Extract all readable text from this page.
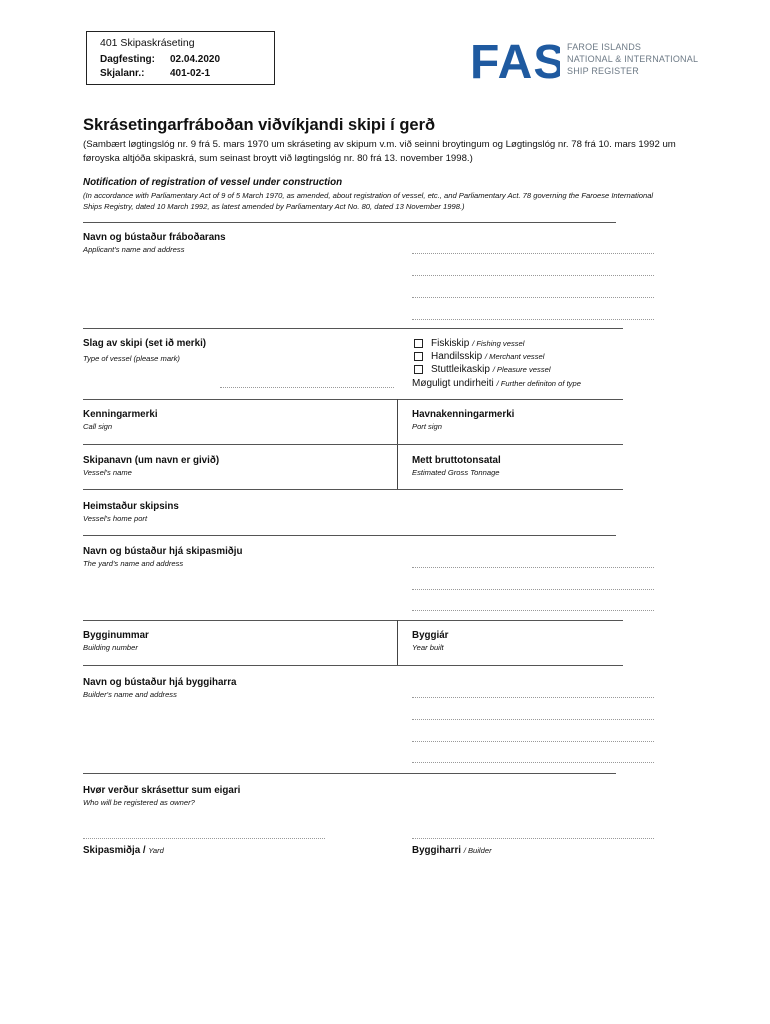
401 Skipaskráseting
Dagfesting: 02.04.2020
Skjalanr.:	401-02-1	FAS FAROE ISLANDS
NATIONAL & INTERNATIONAL
SHIP REGISTER
Skrásetingarfráboðan viðvíkjandi skipi í gerð
(Sambært løgtingslóg nr. 9 frá 5. mars 1970 um skráseting av skipum v.m. við seinni broytingum og Løgtingslóg nr. 78 frá 10. mars 1992 um føroyska altjóða skipaskrá, sum seinast broytt við løgtingslóg nr. 80 frá 13. november 1998.)
Notification of registration of vessel under construction
(In accordance with Parliamentary Act of 9 of 5 March 1970, as amended, about registration of vessel, etc., and Parliamentary Act. 78 governing the Faroese International Ships Registry, dated 10 March 1992, as latest amended by Parliamentary Act No. 80, dated 13 November 1998.)
Navn og bústaður fráboðarans
Applicant's name and address
Slag av skipi (set ið merki)
Type of vessel (please mark)
Fiskiskip / Fishing vessel
Handilsskip / Merchant vessel
Stuttleikaskip / Pleasure vessel
Møguligt undirheiti / Further definiton of type
Kenningarmerki
Call sign
Havnakenningarmerki
Port sign
Skipanavn (um navn er givið)
Vessel's name
Mett bruttotonsatal
Estimated Gross Tonnage
Heimstaður skipsins
Vessel's home port
Navn og bústaður hjá skipasmiðju
The yard's name and address
Bygginummar
Building number
Byggiár
Year built
Navn og bústaður hjá byggiharra
Builder's name and address
Hvør verður skrásettur sum eigari
Who will be registered as owner?
Skipasmiðja / Yard	Byggiharri / Builder
